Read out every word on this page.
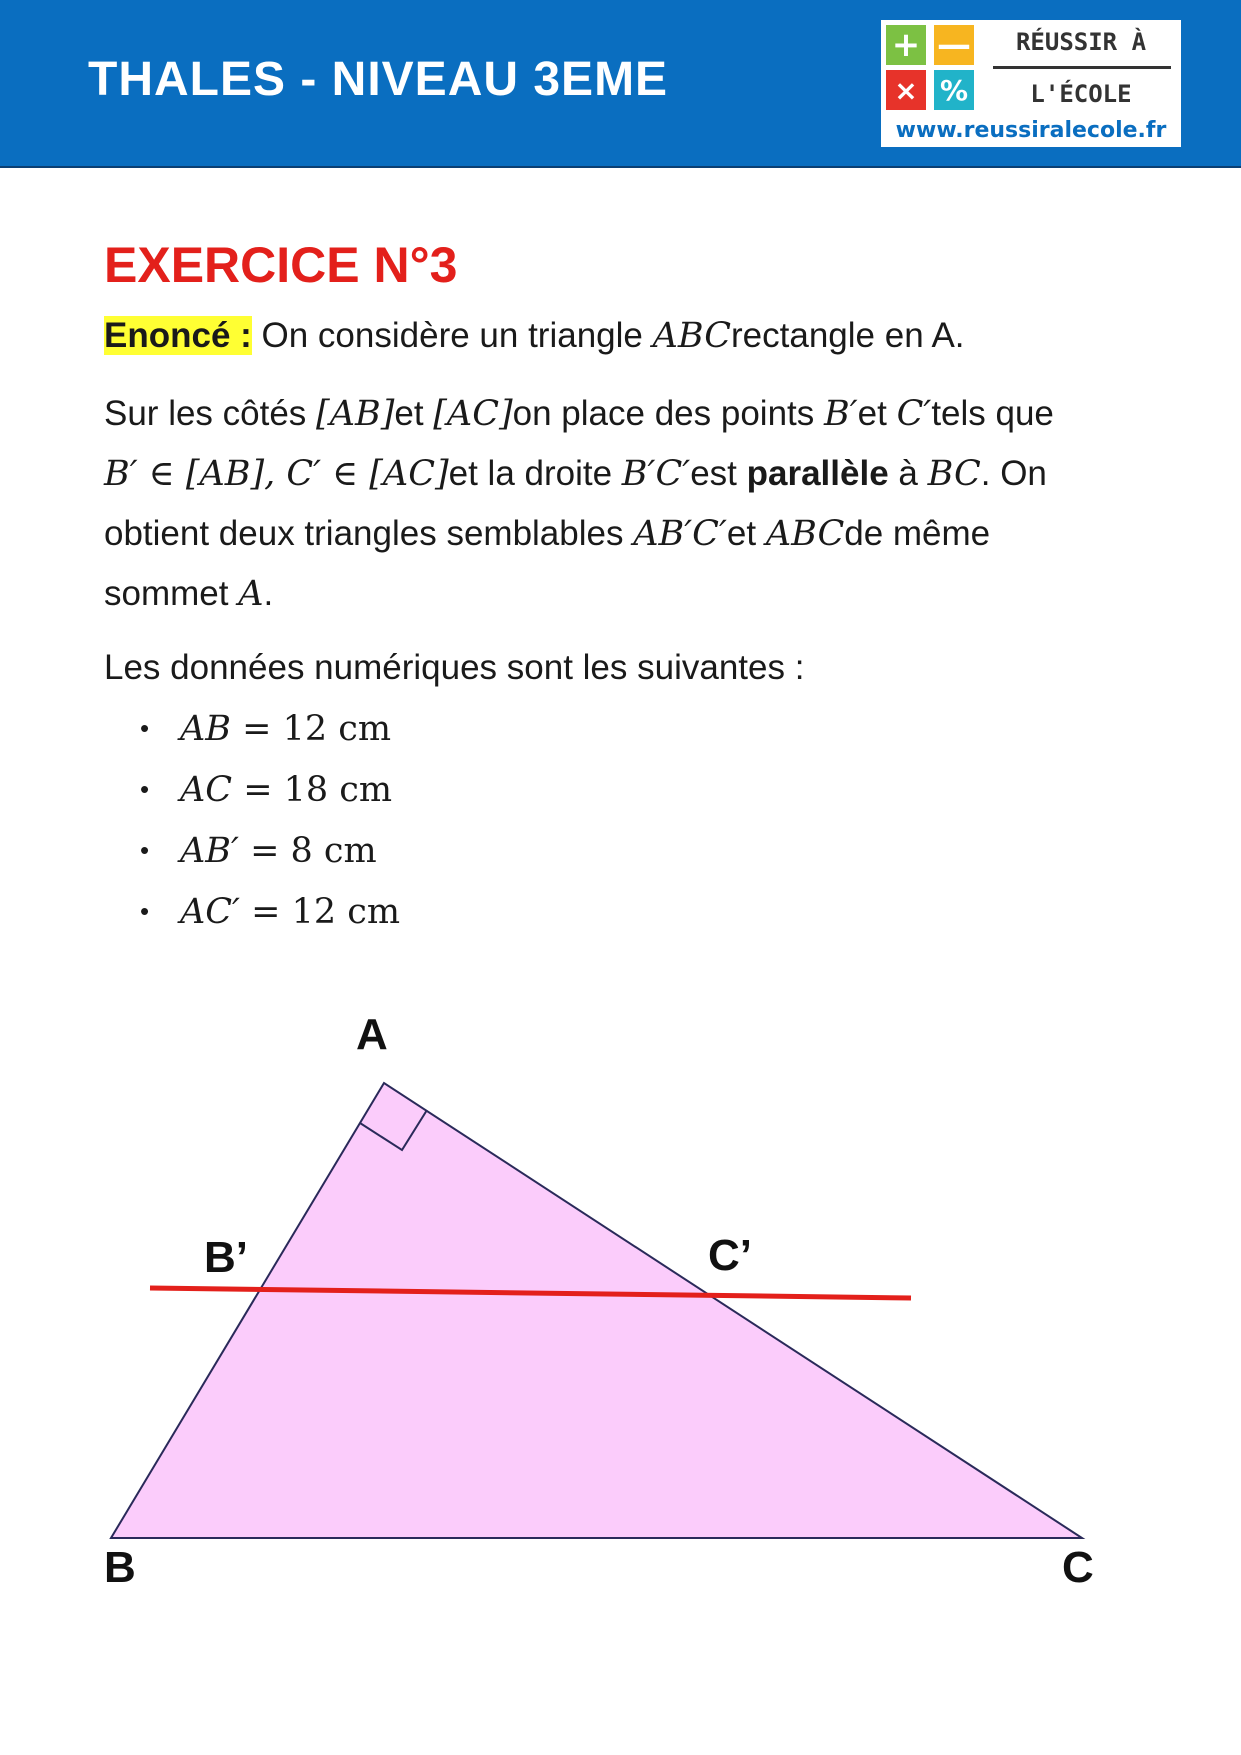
THALES - NIVEAU 3EME
+ —
× %
RÉUSSIR À
L'ÉCOLE
www.reussiralecole.fr
EXERCICE N°3
Enoncé : On considère un triangle ABCrectangle en A.
Sur les côtés [AB]et [AC]on place des points B′et C′tels que
B′ ∈ [AB], C′ ∈ [AC]et la droite B′C′est parallèle à BC. On
obtient deux triangles semblables AB′C′et ABCde même
sommet A.
Les données numériques sont les suivantes :
• AB = 12 cm
• AC = 18 cm
• AB′ = 8 cm
• AC′ = 12 cm
A
B	C
B’	C’
